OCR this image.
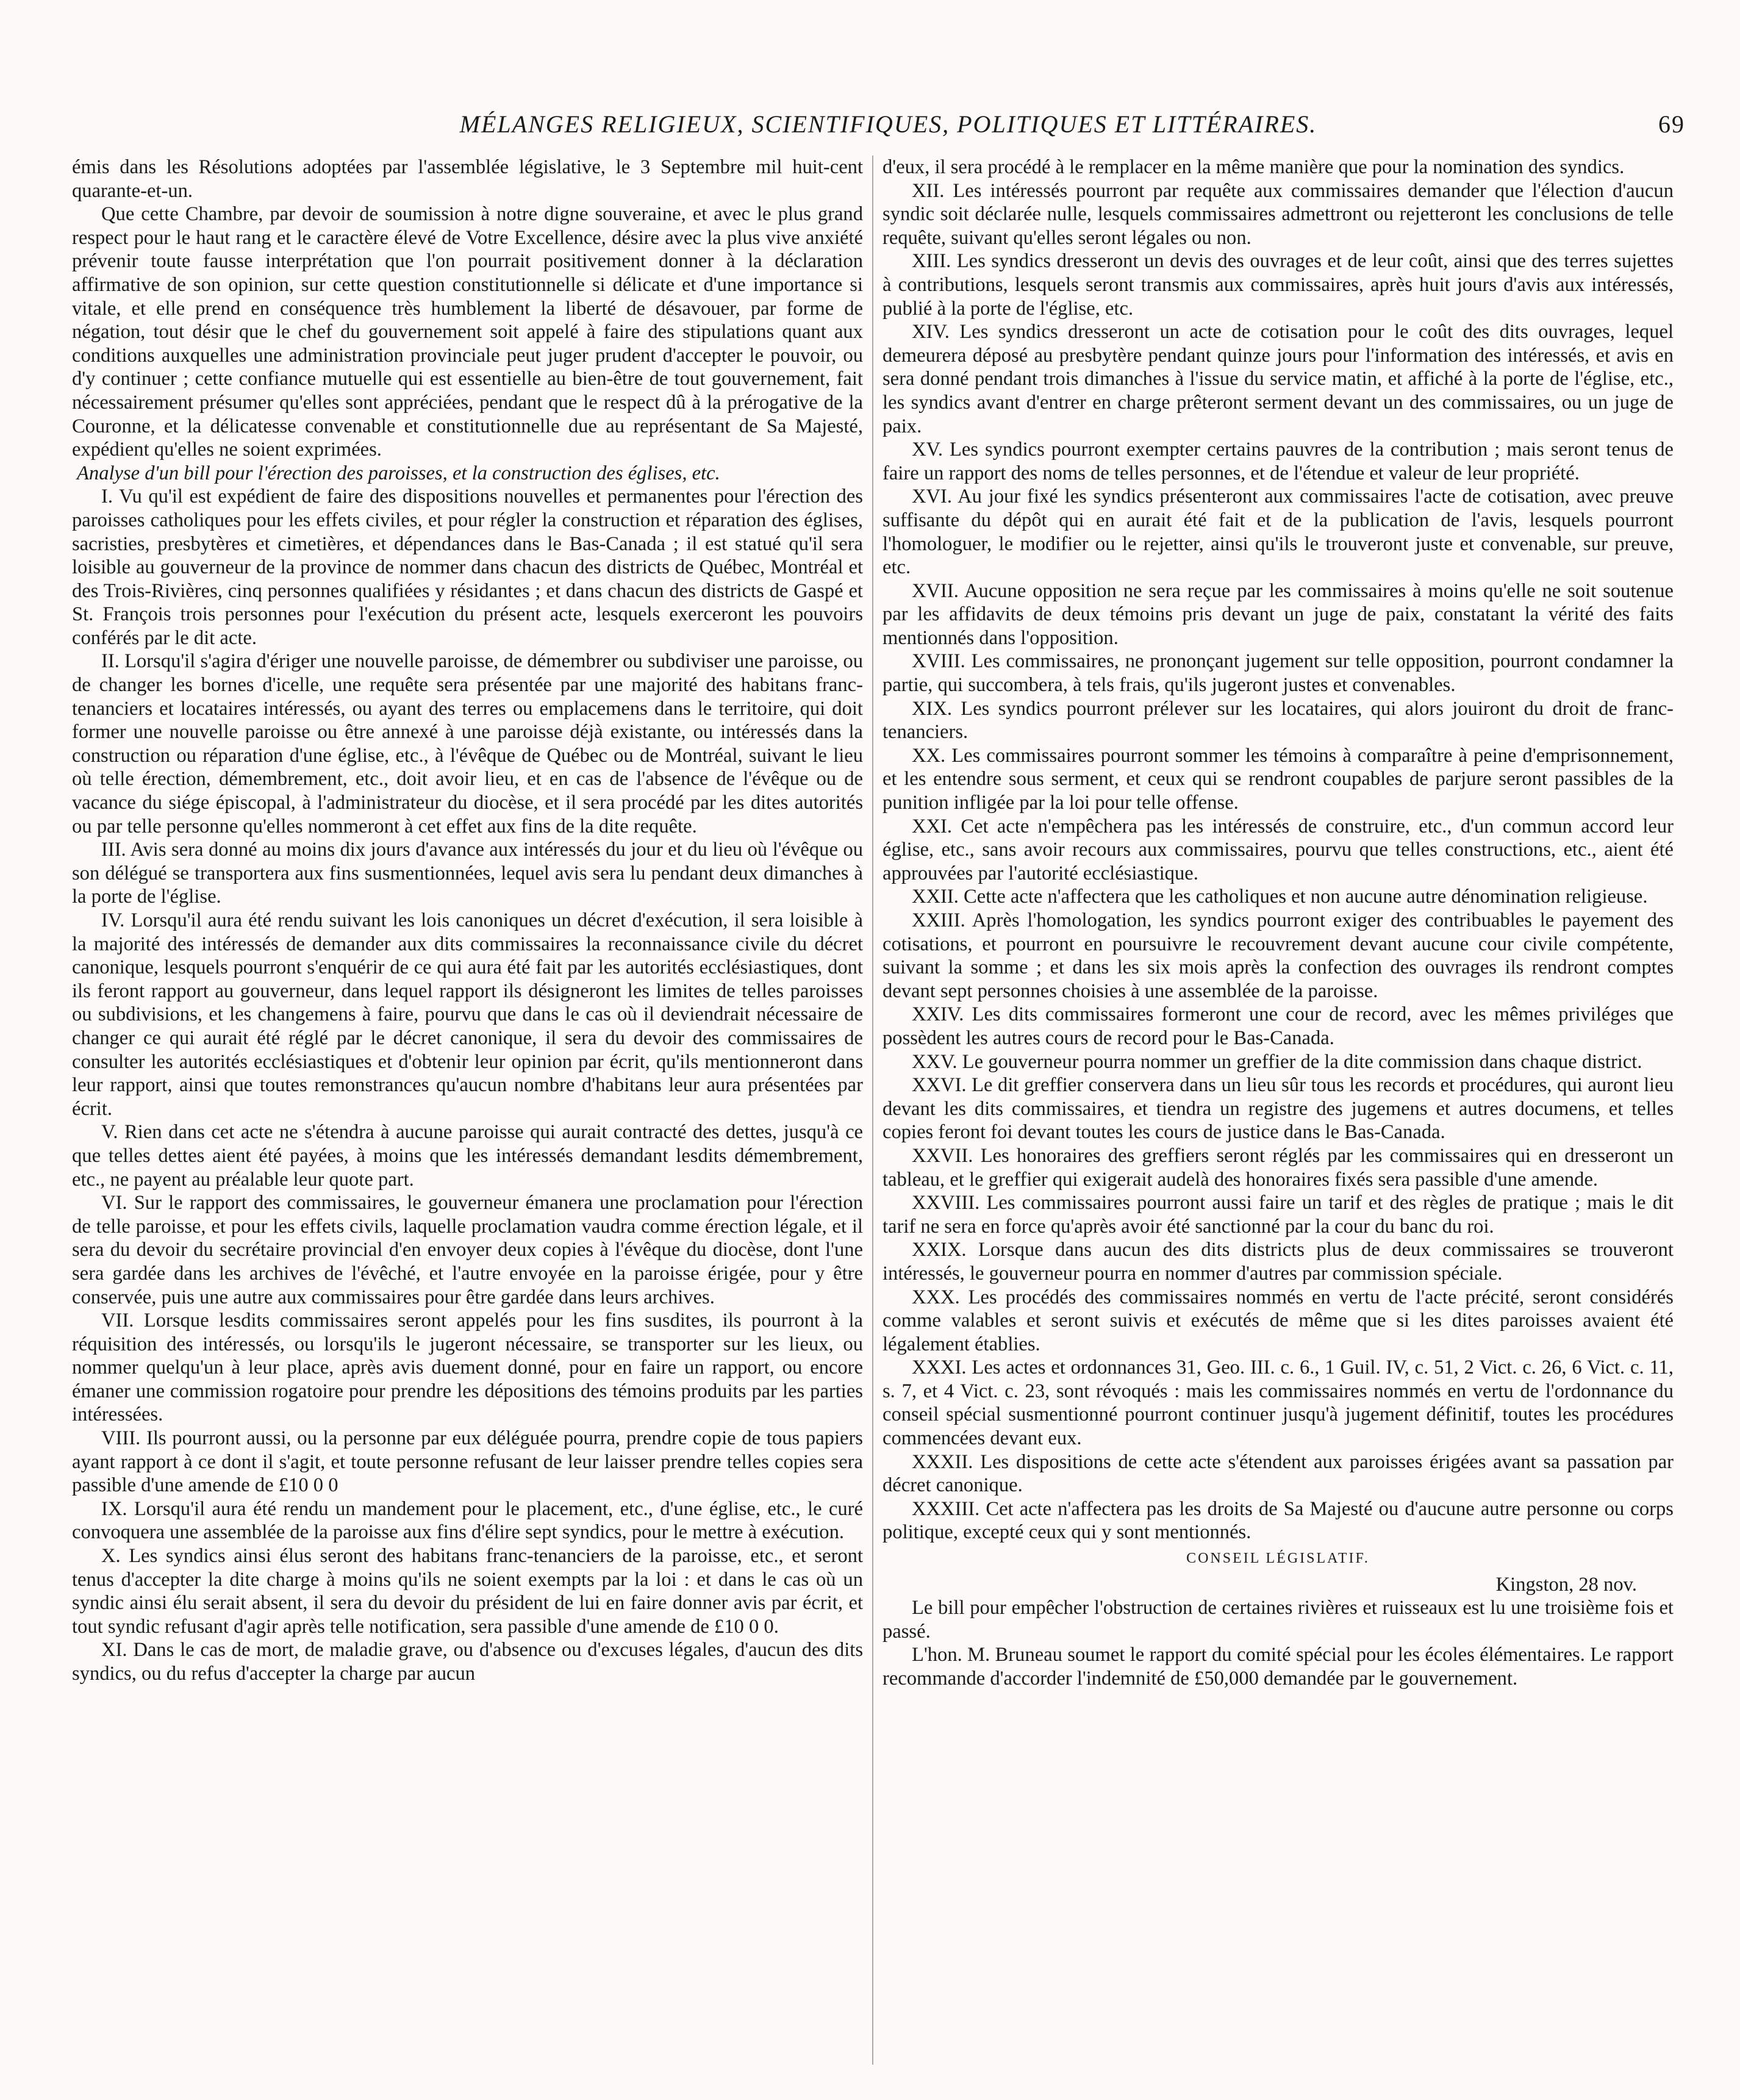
MÉLANGES RELIGIEUX, SCIENTIFIQUES, POLITIQUES ET LITTÉRAIRES.	69

émis dans les Résolutions adoptées par l'assemblée législative, le 3 Septembre mil huit-cent quarante-et-un.

Que cette Chambre, par devoir de soumission à notre digne souveraine, et avec le plus grand respect pour le haut rang et le caractère élevé de Votre Excellence, désire avec la plus vive anxiété prévenir toute fausse interprétation que l'on pourrait positivement donner à la déclaration affirmative de son opinion, sur cette question constitutionnelle si délicate et d'une importance si vitale, et elle prend en conséquence très humblement la liberté de désavouer, par forme de négation, tout désir que le chef du gouvernement soit appelé à faire des stipulations quant aux conditions auxquelles une administration provinciale peut juger prudent d'accepter le pouvoir, ou d'y continuer ; cette confiance mutuelle qui est essentielle au bien-être de tout gouvernement, fait nécessairement présumer qu'elles sont appréciées, pendant que le respect dû à la prérogative de la Couronne, et la délicatesse convenable et constitutionnelle due au représentant de Sa Majesté, expédient qu'elles ne soient exprimées.

Analyse d'un bill pour l'érection des paroisses, et la construction des églises, etc.

I. Vu qu'il est expédient de faire des dispositions nouvelles et permanentes pour l'érection des paroisses catholiques pour les effets civiles, et pour régler la construction et réparation des églises, sacristies, presbytères et cimetières, et dépendances dans le Bas-Canada ; il est statué qu'il sera loisible au gouverneur de la province de nommer dans chacun des districts de Québec, Montréal et des Trois-Rivières, cinq personnes qualifiées y résidantes ; et dans chacun des districts de Gaspé et St. François trois personnes pour l'exécution du présent acte, lesquels exerceront les pouvoirs conférés par le dit acte.

II. Lorsqu'il s'agira d'ériger une nouvelle paroisse, de démembrer ou subdiviser une paroisse, ou de changer les bornes d'icelle, une requête sera présentée par une majorité des habitans franc-tenanciers et locataires intéressés, ou ayant des terres ou emplacemens dans le territoire, qui doit former une nouvelle paroisse ou être annexé à une paroisse déjà existante, ou intéressés dans la construction ou réparation d'une église, etc., à l'évêque de Québec ou de Montréal, suivant le lieu où telle érection, démembrement, etc., doit avoir lieu, et en cas de l'absence de l'évêque ou de vacance du siége épiscopal, à l'administrateur du diocèse, et il sera procédé par les dites autorités ou par telle personne qu'elles nommeront à cet effet aux fins de la dite requête.

III. Avis sera donné au moins dix jours d'avance aux intéressés du jour et du lieu où l'évêque ou son délégué se transportera aux fins susmentionnées, lequel avis sera lu pendant deux dimanches à la porte de l'église.

IV. Lorsqu'il aura été rendu suivant les lois canoniques un décret d'exécution, il sera loisible à la majorité des intéressés de demander aux dits commissaires la reconnaissance civile du décret canonique, lesquels pourront s'enquérir de ce qui aura été fait par les autorités ecclésiastiques, dont ils feront rapport au gouverneur, dans lequel rapport ils désigneront les limites de telles paroisses ou subdivisions, et les changemens à faire, pourvu que dans le cas où il deviendrait nécessaire de changer ce qui aurait été réglé par le décret canonique, il sera du devoir des commissaires de consulter les autorités ecclésiastiques et d'obtenir leur opinion par écrit, qu'ils mentionneront dans leur rapport, ainsi que toutes remonstrances qu'aucun nombre d'habitans leur aura présentées par écrit.

V. Rien dans cet acte ne s'étendra à aucune paroisse qui aurait contracté des dettes, jusqu'à ce que telles dettes aient été payées, à moins que les intéressés demandant lesdits démembrement, etc., ne payent au préalable leur quote part.

VI. Sur le rapport des commissaires, le gouverneur émanera une proclamation pour l'érection de telle paroisse, et pour les effets civils, laquelle proclamation vaudra comme érection légale, et il sera du devoir du secrétaire provincial d'en envoyer deux copies à l'évêque du diocèse, dont l'une sera gardée dans les archives de l'évêché, et l'autre envoyée en la paroisse érigée, pour y être conservée, puis une autre aux commissaires pour être gardée dans leurs archives.

VII. Lorsque lesdits commissaires seront appelés pour les fins susdites, ils pourront à la réquisition des intéressés, ou lorsqu'ils le jugeront nécessaire, se transporter sur les lieux, ou nommer quelqu'un à leur place, après avis duement donné, pour en faire un rapport, ou encore émaner une commission rogatoire pour prendre les dépositions des témoins produits par les parties intéressées.

VIII. Ils pourront aussi, ou la personne par eux déléguée pourra, prendre copie de tous papiers ayant rapport à ce dont il s'agit, et toute personne refusant de leur laisser prendre telles copies sera passible d'une amende de £10 0 0

IX. Lorsqu'il aura été rendu un mandement pour le placement, etc., d'une église, etc., le curé convoquera une assemblée de la paroisse aux fins d'élire sept syndics, pour le mettre à exécution.

X. Les syndics ainsi élus seront des habitans franc-tenanciers de la paroisse, etc., et seront tenus d'accepter la dite charge à moins qu'ils ne soient exempts par la loi : et dans le cas où un syndic ainsi élu serait absent, il sera du devoir du président de lui en faire donner avis par écrit, et tout syndic refusant d'agir après telle notification, sera passible d'une amende de £10 0 0.

XI. Dans le cas de mort, de maladie grave, ou d'absence ou d'excuses légales, d'aucun des dits syndics, ou du refus d'accepter la charge par aucun

d'eux, il sera procédé à le remplacer en la même manière que pour la nomination des syndics.

XII. Les intéressés pourront par requête aux commissaires demander que l'élection d'aucun syndic soit déclarée nulle, lesquels commissaires admettront ou rejetteront les conclusions de telle requête, suivant qu'elles seront légales ou non.

XIII. Les syndics dresseront un devis des ouvrages et de leur coût, ainsi que des terres sujettes à contributions, lesquels seront transmis aux commissaires, après huit jours d'avis aux intéressés, publié à la porte de l'église, etc.

XIV. Les syndics dresseront un acte de cotisation pour le coût des dits ouvrages, lequel demeurera déposé au presbytère pendant quinze jours pour l'information des intéressés, et avis en sera donné pendant trois dimanches à l'issue du service matin, et affiché à la porte de l'église, etc., les syndics avant d'entrer en charge prêteront serment devant un des commissaires, ou un juge de paix.

XV. Les syndics pourront exempter certains pauvres de la contribution ; mais seront tenus de faire un rapport des noms de telles personnes, et de l'étendue et valeur de leur propriété.

XVI. Au jour fixé les syndics présenteront aux commissaires l'acte de cotisation, avec preuve suffisante du dépôt qui en aurait été fait et de la publication de l'avis, lesquels pourront l'homologuer, le modifier ou le rejetter, ainsi qu'ils le trouveront juste et convenable, sur preuve, etc.

XVII. Aucune opposition ne sera reçue par les commissaires à moins qu'elle ne soit soutenue par les affidavits de deux témoins pris devant un juge de paix, constatant la vérité des faits mentionnés dans l'opposition.

XVIII. Les commissaires, ne prononçant jugement sur telle opposition, pourront condamner la partie, qui succombera, à tels frais, qu'ils jugeront justes et convenables.

XIX. Les syndics pourront prélever sur les locataires, qui alors jouiront du droit de franc-tenanciers.

XX. Les commissaires pourront sommer les témoins à comparaître à peine d'emprisonnement, et les entendre sous serment, et ceux qui se rendront coupables de parjure seront passibles de la punition infligée par la loi pour telle offense.

XXI. Cet acte n'empêchera pas les intéressés de construire, etc., d'un commun accord leur église, etc., sans avoir recours aux commissaires, pourvu que telles constructions, etc., aient été approuvées par l'autorité ecclésiastique.

XXII. Cette acte n'affectera que les catholiques et non aucune autre dénomination religieuse.

XXIII. Après l'homologation, les syndics pourront exiger des contribuables le payement des cotisations, et pourront en poursuivre le recouvrement devant aucune cour civile compétente, suivant la somme ; et dans les six mois après la confection des ouvrages ils rendront comptes devant sept personnes choisies à une assemblée de la paroisse.

XXIV. Les dits commissaires formeront une cour de record, avec les mêmes priviléges que possèdent les autres cours de record pour le Bas-Canada.

XXV. Le gouverneur pourra nommer un greffier de la dite commission dans chaque district.

XXVI. Le dit greffier conservera dans un lieu sûr tous les records et procédures, qui auront lieu devant les dits commissaires, et tiendra un registre des jugemens et autres documens, et telles copies feront foi devant toutes les cours de justice dans le Bas-Canada.

XXVII. Les honoraires des greffiers seront réglés par les commissaires qui en dresseront un tableau, et le greffier qui exigerait audelà des honoraires fixés sera passible d'une amende.

XXVIII. Les commissaires pourront aussi faire un tarif et des règles de pratique ; mais le dit tarif ne sera en force qu'après avoir été sanctionné par la cour du banc du roi.

XXIX. Lorsque dans aucun des dits districts plus de deux commissaires se trouveront intéressés, le gouverneur pourra en nommer d'autres par commission spéciale.

XXX. Les procédés des commissaires nommés en vertu de l'acte précité, seront considérés comme valables et seront suivis et exécutés de même que si les dites paroisses avaient été légalement établies.

XXXI. Les actes et ordonnances 31, Geo. III. c. 6., 1 Guil. IV, c. 51, 2 Vict. c. 26, 6 Vict. c. 11, s. 7, et 4 Vict. c. 23, sont révoqués : mais les commissaires nommés en vertu de l'ordonnance du conseil spécial susmentionné pourront continuer jusqu'à jugement définitif, toutes les procédures commencées devant eux.

XXXII. Les dispositions de cette acte s'étendent aux paroisses érigées avant sa passation par décret canonique.

XXXIII. Cet acte n'affectera pas les droits de Sa Majesté ou d'aucune autre personne ou corps politique, excepté ceux qui y sont mentionnés.

CONSEIL LÉGISLATIF.

Kingston, 28 nov.

Le bill pour empêcher l'obstruction de certaines rivières et ruisseaux est lu une troisième fois et passé.

L'hon. M. Bruneau soumet le rapport du comité spécial pour les écoles élémentaires. Le rapport recommande d'accorder l'indemnité de £50,000 demandée par le gouvernement.
